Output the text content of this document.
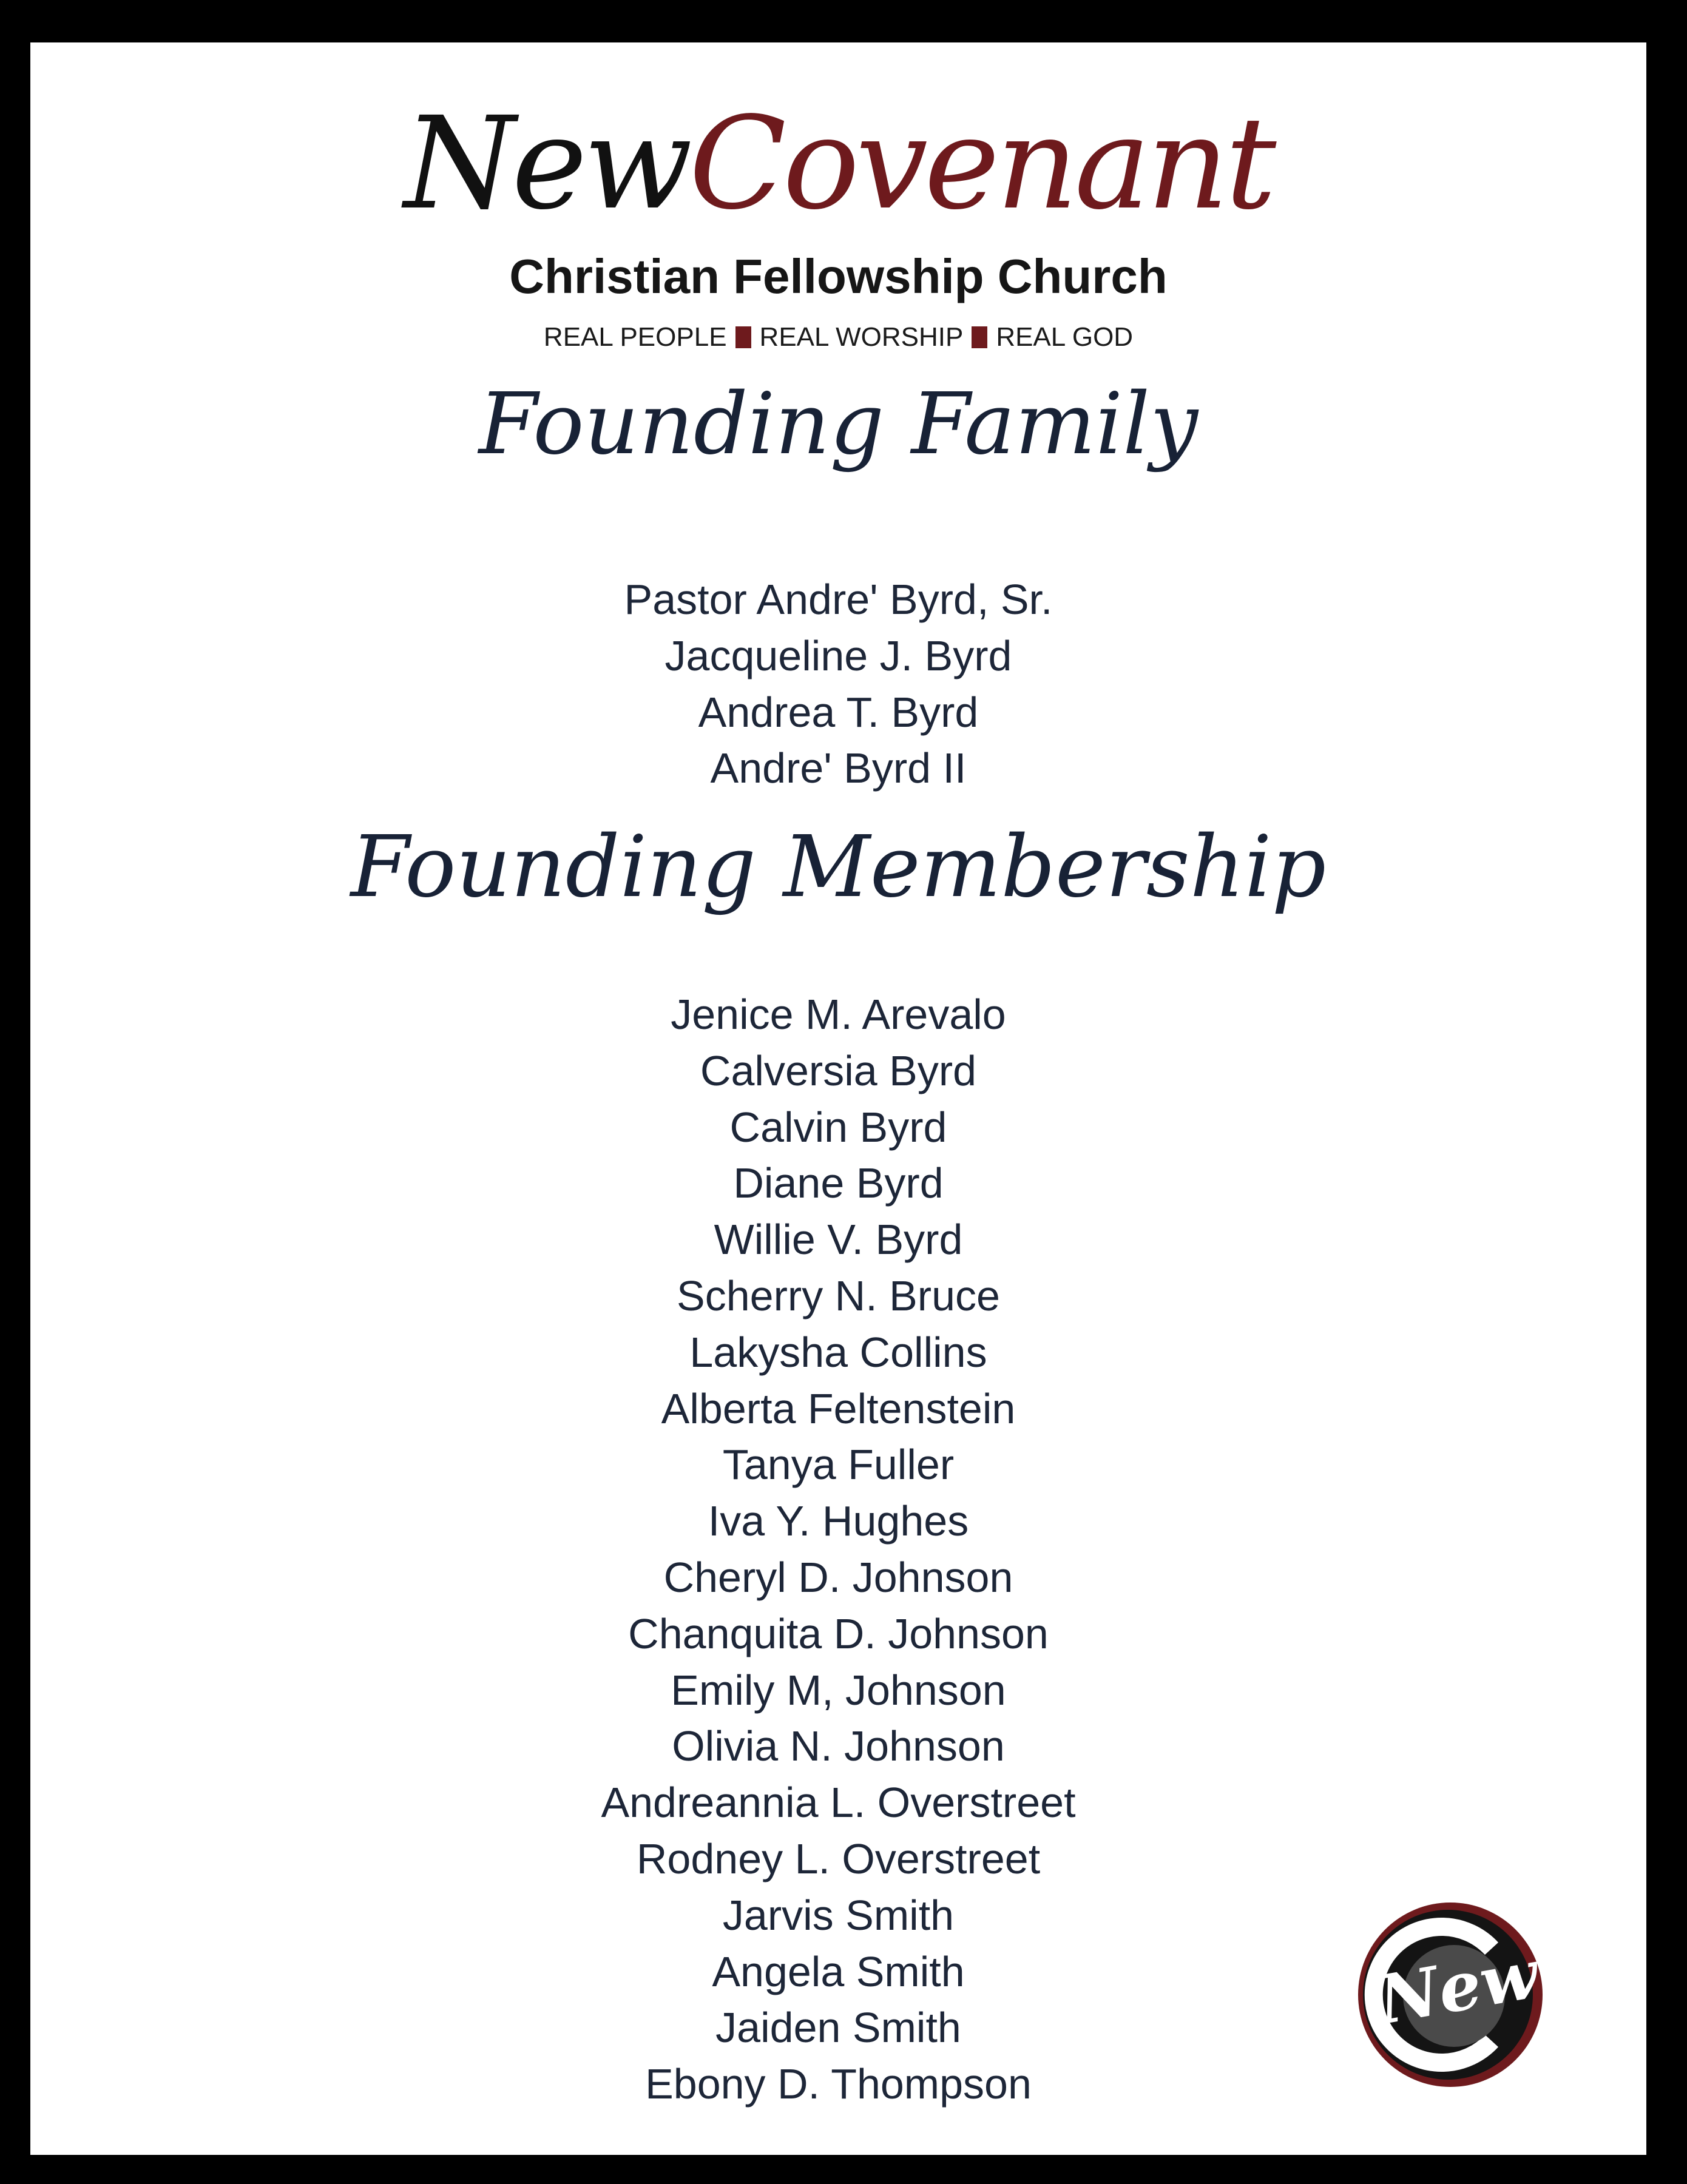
NewCovenant
Christian Fellowship Church
REAL PEOPLE REAL WORSHIP REAL GOD
Founding Family
Pastor Andre' Byrd, Sr.
Jacqueline J. Byrd
Andrea T. Byrd
Andre' Byrd II
Founding Membership
Jenice M. Arevalo
Calversia Byrd
Calvin Byrd
Diane Byrd
Willie V. Byrd
Scherry N. Bruce
Lakysha Collins
Alberta Feltenstein
Tanya Fuller
Iva Y. Hughes
Cheryl D. Johnson
Chanquita D. Johnson
Emily M, Johnson
Olivia N. Johnson
Andreannia L. Overstreet
Rodney L. Overstreet
Jarvis Smith
Angela Smith
Jaiden Smith
Ebony D. Thompson
New
